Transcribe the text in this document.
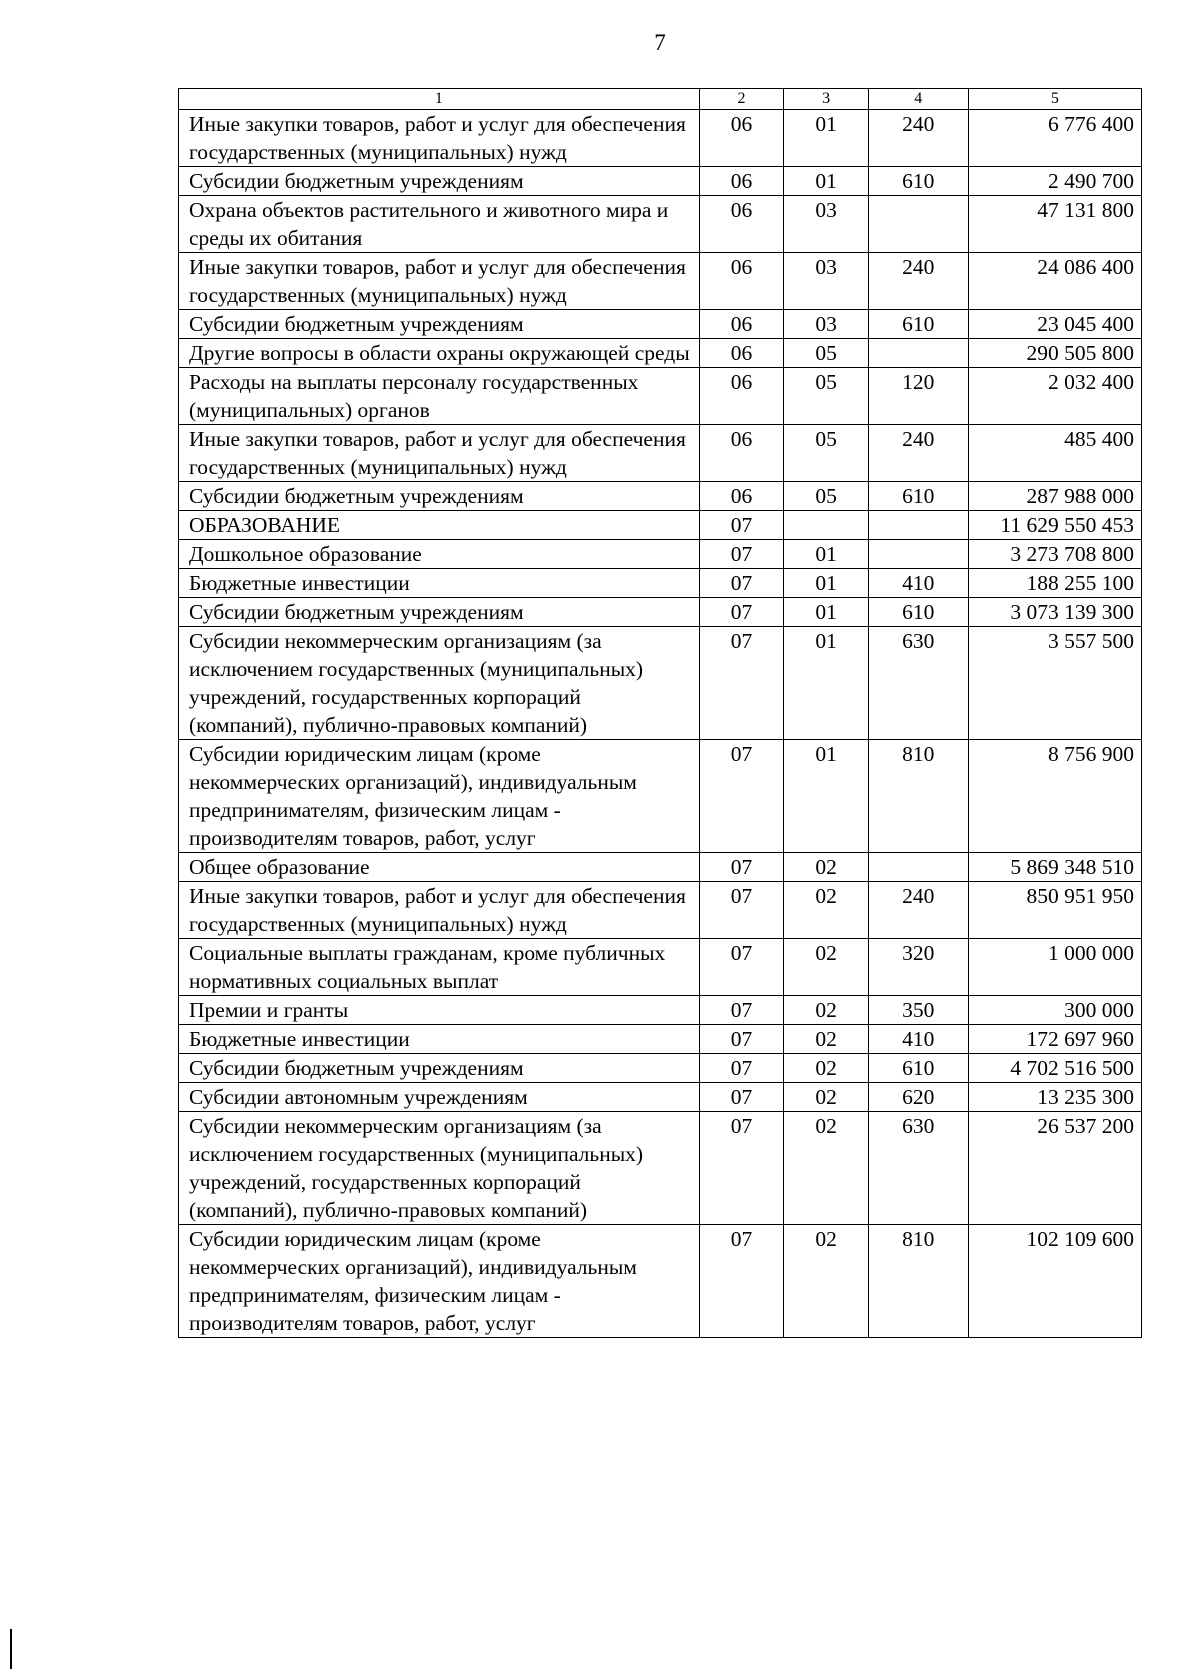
7
1	2	3	4	5
Иные закупки товаров, работ и услуг для обеспечения государственных (муниципальных) нужд	06	01	240	6 776 400
Субсидии бюджетным учреждениям	06	01	610	2 490 700
Охрана объектов растительного и животного мира и среды их обитания	06	03		47 131 800
Иные закупки товаров, работ и услуг для обеспечения государственных (муниципальных) нужд	06	03	240	24 086 400
Субсидии бюджетным учреждениям	06	03	610	23 045 400
Другие вопросы в области охраны окружающей среды	06	05		290 505 800
Расходы на выплаты персоналу государственных (муниципальных) органов	06	05	120	2 032 400
Иные закупки товаров, работ и услуг для обеспечения государственных (муниципальных) нужд	06	05	240	485 400
Субсидии бюджетным учреждениям	06	05	610	287 988 000
ОБРАЗОВАНИЕ	07			11 629 550 453
Дошкольное образование	07	01		3 273 708 800
Бюджетные инвестиции	07	01	410	188 255 100
Субсидии бюджетным учреждениям	07	01	610	3 073 139 300
Субсидии некоммерческим организациям (за исключением государственных (муниципальных) учреждений, государственных корпораций (компаний), публично-правовых компаний)	07	01	630	3 557 500
Субсидии юридическим лицам (кроме некоммерческих организаций), индивидуальным предпринимателям, физическим лицам - производителям товаров, работ, услуг	07	01	810	8 756 900
Общее образование	07	02		5 869 348 510
Иные закупки товаров, работ и услуг для обеспечения государственных (муниципальных) нужд	07	02	240	850 951 950
Социальные выплаты гражданам, кроме публичных нормативных социальных выплат	07	02	320	1 000 000
Премии и гранты	07	02	350	300 000
Бюджетные инвестиции	07	02	410	172 697 960
Субсидии бюджетным учреждениям	07	02	610	4 702 516 500
Субсидии автономным учреждениям	07	02	620	13 235 300
Субсидии некоммерческим организациям (за исключением государственных (муниципальных) учреждений, государственных корпораций (компаний), публично-правовых компаний)	07	02	630	26 537 200
Субсидии юридическим лицам (кроме некоммерческих организаций), индивидуальным предпринимателям, физическим лицам - производителям товаров, работ, услуг	07	02	810	102 109 600
